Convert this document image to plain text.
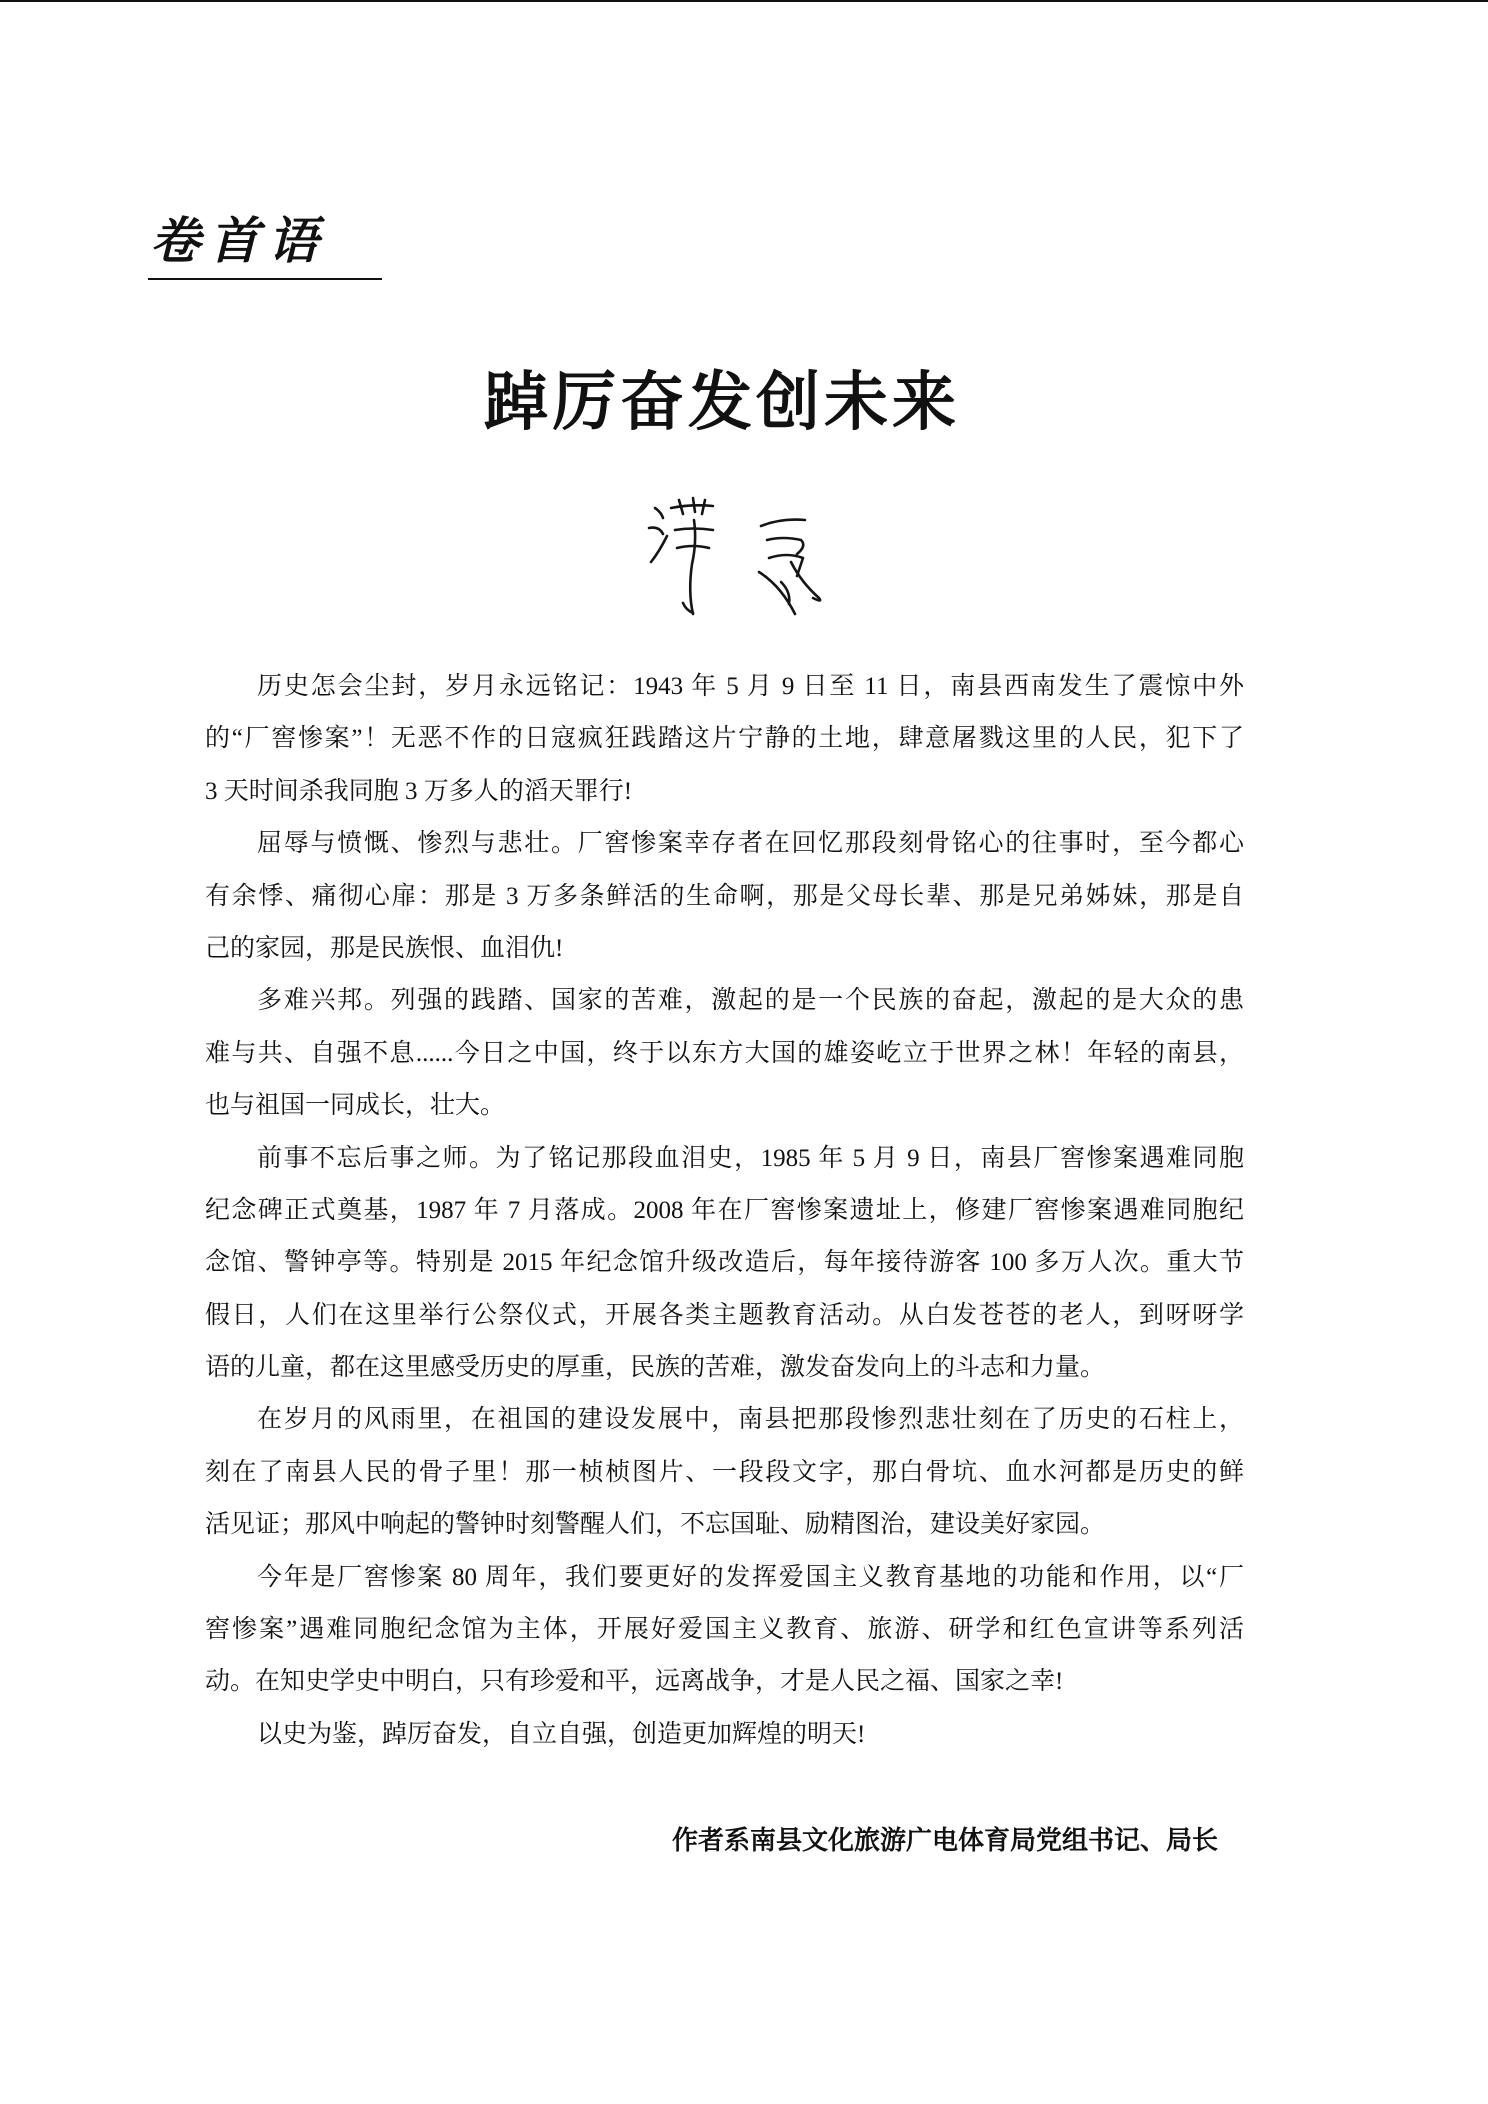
卷首语
踔厉奋发创未来
历史怎会尘封，岁月永远铭记：1943 年 5 月 9 日至 11 日，南县西南发生了震惊中外
的“厂窖惨案”！无恶不作的日寇疯狂践踏这片宁静的土地，肆意屠戮这里的人民，犯下了
3 天时间杀我同胞 3 万多人的滔天罪行!
屈辱与愤慨、惨烈与悲壮。厂窖惨案幸存者在回忆那段刻骨铭心的往事时，至今都心
有余悸、痛彻心扉：那是 3 万多条鲜活的生命啊，那是父母长辈、那是兄弟姊妹，那是自
己的家园，那是民族恨、血泪仇!
多难兴邦。列强的践踏、国家的苦难，激起的是一个民族的奋起，激起的是大众的患
难与共、自强不息......今日之中国，终于以东方大国的雄姿屹立于世界之林！年轻的南县，
也与祖国一同成长，壮大。
前事不忘后事之师。为了铭记那段血泪史，1985 年 5 月 9 日，南县厂窖惨案遇难同胞
纪念碑正式奠基，1987 年 7 月落成。2008 年在厂窖惨案遗址上，修建厂窖惨案遇难同胞纪
念馆、警钟亭等。特别是 2015 年纪念馆升级改造后，每年接待游客 100 多万人次。重大节
假日，人们在这里举行公祭仪式，开展各类主题教育活动。从白发苍苍的老人，到呀呀学
语的儿童，都在这里感受历史的厚重，民族的苦难，激发奋发向上的斗志和力量。
在岁月的风雨里，在祖国的建设发展中，南县把那段惨烈悲壮刻在了历史的石柱上，
刻在了南县人民的骨子里！那一桢桢图片、一段段文字，那白骨坑、血水河都是历史的鲜
活见证；那风中响起的警钟时刻警醒人们，不忘国耻、励精图治，建设美好家园。
今年是厂窖惨案 80 周年，我们要更好的发挥爱国主义教育基地的功能和作用，以“厂
窖惨案”遇难同胞纪念馆为主体，开展好爱国主义教育、旅游、研学和红色宣讲等系列活
动。在知史学史中明白，只有珍爱和平，远离战争，才是人民之福、国家之幸!
以史为鉴，踔厉奋发，自立自强，创造更加辉煌的明天!
作者系南县文化旅游广电体育局党组书记、局长
